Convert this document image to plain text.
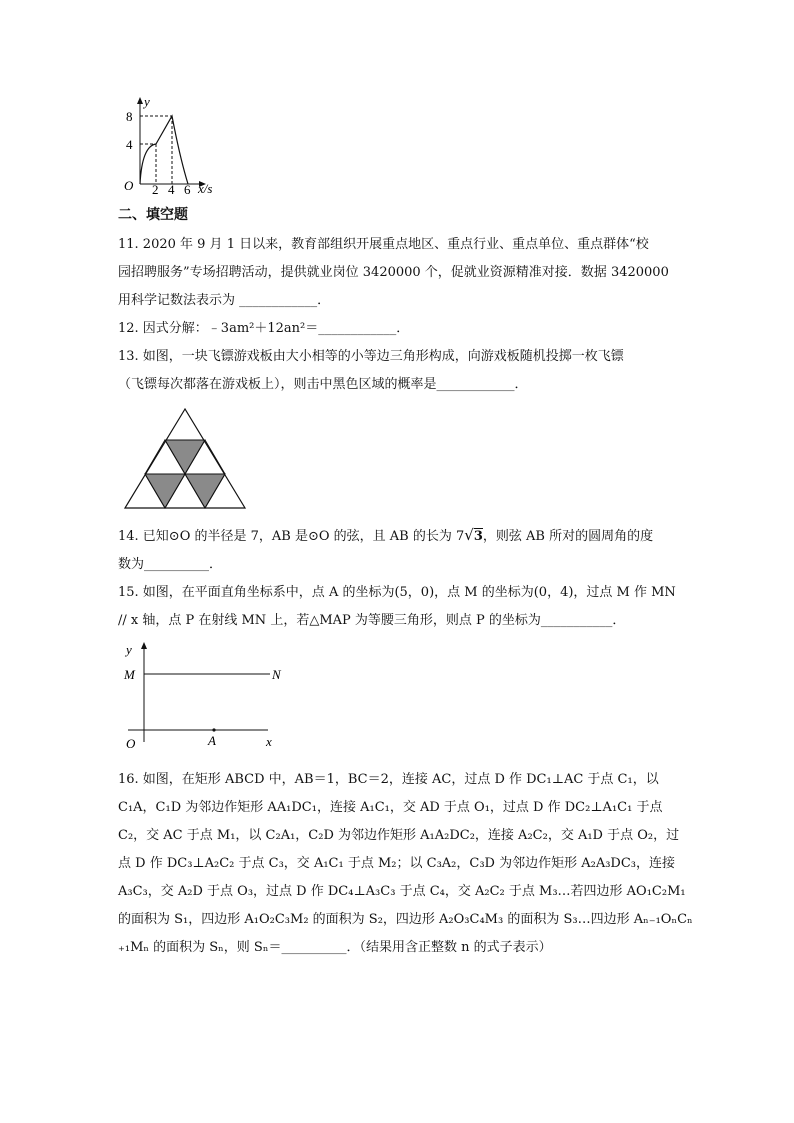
y
8
4
O 2 4 6 x/s
二、填空题
11. 2020 年 9 月 1 日以来，教育部组织开展重点地区、重点行业、重点单位、重点群体“校
园招聘服务”专场招聘活动，提供就业岗位 3420000 个，促就业资源精准对接．数据 3420000
用科学记数法表示为 ____________．
12. 因式分解：﹣3am²＋12an²＝____________．
13. 如图，一块飞镖游戏板由大小相等的小等边三角形构成，向游戏板随机投掷一枚飞镖
（飞镖每次都落在游戏板上），则击中黑色区域的概率是____________．
14. 已知⊙O 的半径是 7，AB 是⊙O 的弦，且 AB 的长为 7√3，则弦 AB 所对的圆周角的度
数为__________．
15. 如图，在平面直角坐标系中，点 A 的坐标为(5，0)，点 M 的坐标为(0，4)，过点 M 作 MN
// x 轴，点 P 在射线 MN 上，若△MAP 为等腰三角形，则点 P 的坐标为___________．
y
M	N
A	x
O
16. 如图，在矩形 ABCD 中，AB＝1，BC＝2，连接 AC，过点 D 作 DC₁⊥AC 于点 C₁，以
C₁A，C₁D 为邻边作矩形 AA₁DC₁，连接 A₁C₁，交 AD 于点 O₁，过点 D 作 DC₂⊥A₁C₁ 于点
C₂，交 AC 于点 M₁，以 C₂A₁，C₂D 为邻边作矩形 A₁A₂DC₂，连接 A₂C₂，交 A₁D 于点 O₂，过
点 D 作 DC₃⊥A₂C₂ 于点 C₃，交 A₁C₁ 于点 M₂；以 C₃A₂，C₃D 为邻边作矩形 A₂A₃DC₃，连接
A₃C₃，交 A₂D 于点 O₃，过点 D 作 DC₄⊥A₃C₃ 于点 C₄，交 A₂C₂ 于点 M₃…若四边形 AO₁C₂M₁
的面积为 S₁，四边形 A₁O₂C₃M₂ 的面积为 S₂，四边形 A₂O₃C₄M₃ 的面积为 S₃…四边形 Aₙ₋₁OₙCₙ
₊₁Mₙ 的面积为 Sₙ，则 Sₙ＝__________．（结果用含正整数 n 的式子表示）
